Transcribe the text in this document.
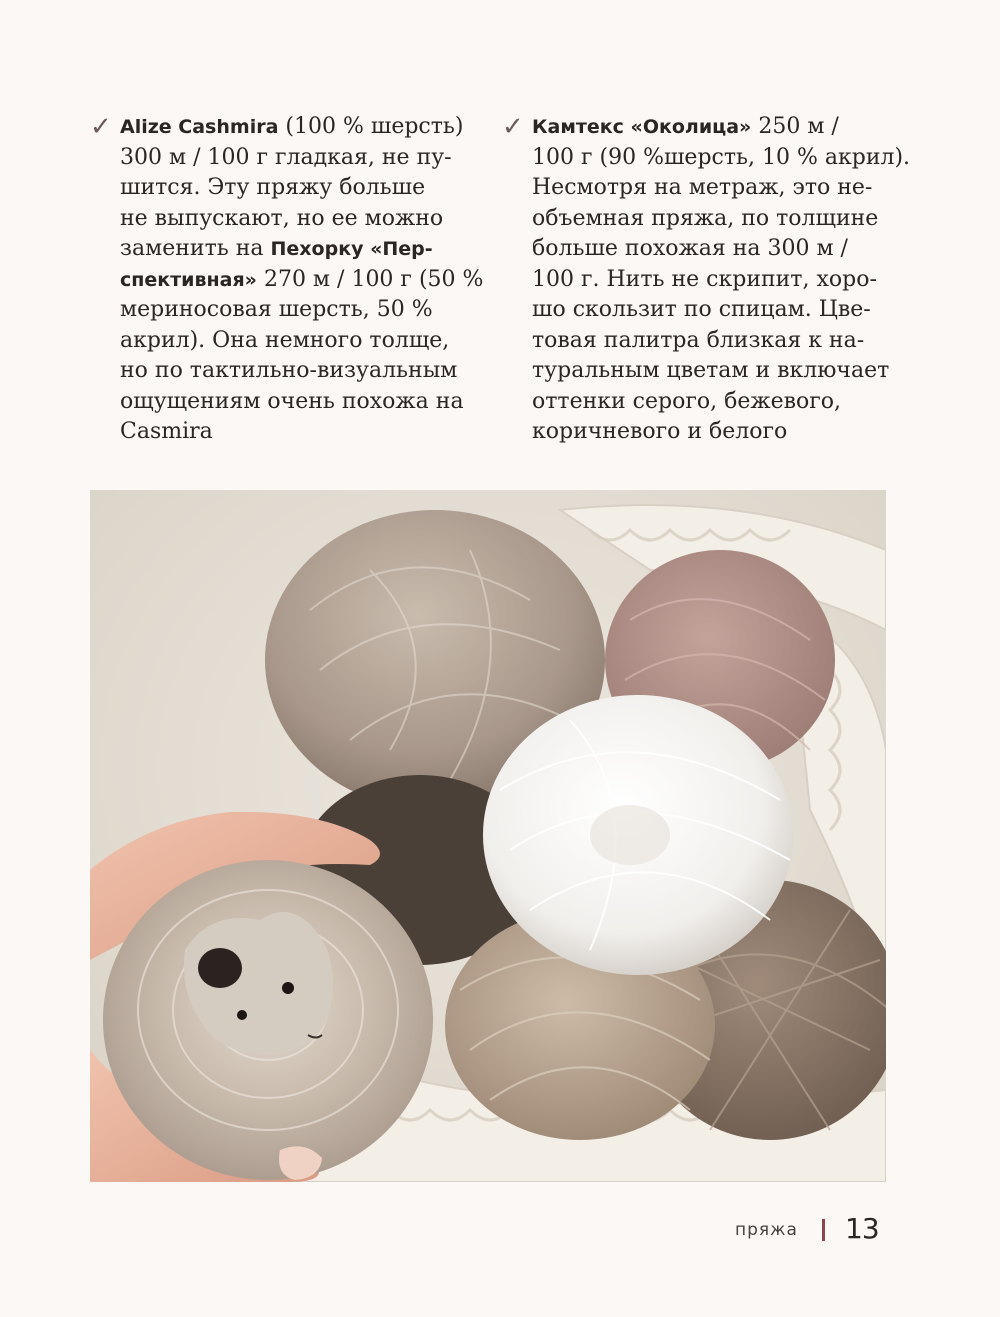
✓ Alize Cashmira (100 % шерсть)
300 м / 100 г гладкая, не пу-
шится. Эту пряжу больше
не выпускают, но ее можно
заменить на Пехорку «Пер-
спективная» 270 м / 100 г (50 %
мериносовая шерсть, 50 %
акрил). Она немного толще,
но по тактильно-визуальным
ощущениям очень похожа на
Casmira
✓ Камтекс «Околица» 250 м /
100 г (90 %шерсть, 10 % акрил).
Несмотря на метраж, это не-
объемная пряжа, по толщине
больше похожая на 300 м /
100 г. Нить не скрипит, хоро-
шо скользит по спицам. Цве-
товая палитра близкая к на-
туральным цветам и включает
оттенки серого, бежевого,
коричневого и белого
пряжа 13
